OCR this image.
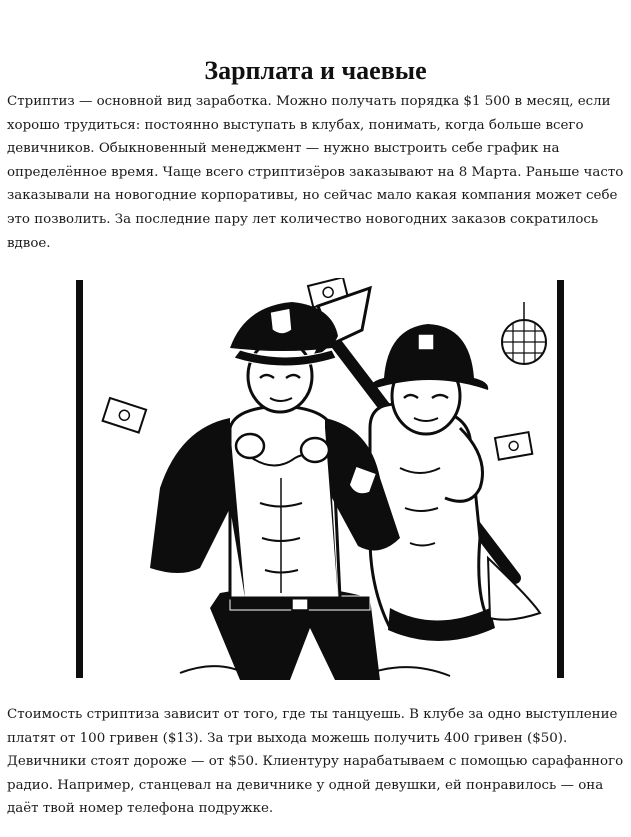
Зарплата и чаевые

Стриптиз — основной вид заработка. Можно получать порядка $1 500 в месяц, если хорошо трудиться: постоянно выступать в клубах, понимать, когда больше всего девичников. Обыкновенный менеджмент — нужно выстроить себе график на определённое время. Чаще всего стриптизёров заказывают на 8 Марта. Раньше часто заказывали на новогодние корпоративы, но сейчас мало какая компания может себе это позволить. За последние пару лет количество новогодних заказов сократилось вдвое.

Стоимость стриптиза зависит от того, где ты танцуешь. В клубе за одно выступление платят от 100 гривен ($13). За три выхода можешь получить 400 гривен ($50). Девичники стоят дороже — от $50. Клиентуру нарабатываем с помощью сарафанного радио. Например, станцевал на девичнике у одной девушки, ей понравилось — она даёт твой номер телефона подружке.
